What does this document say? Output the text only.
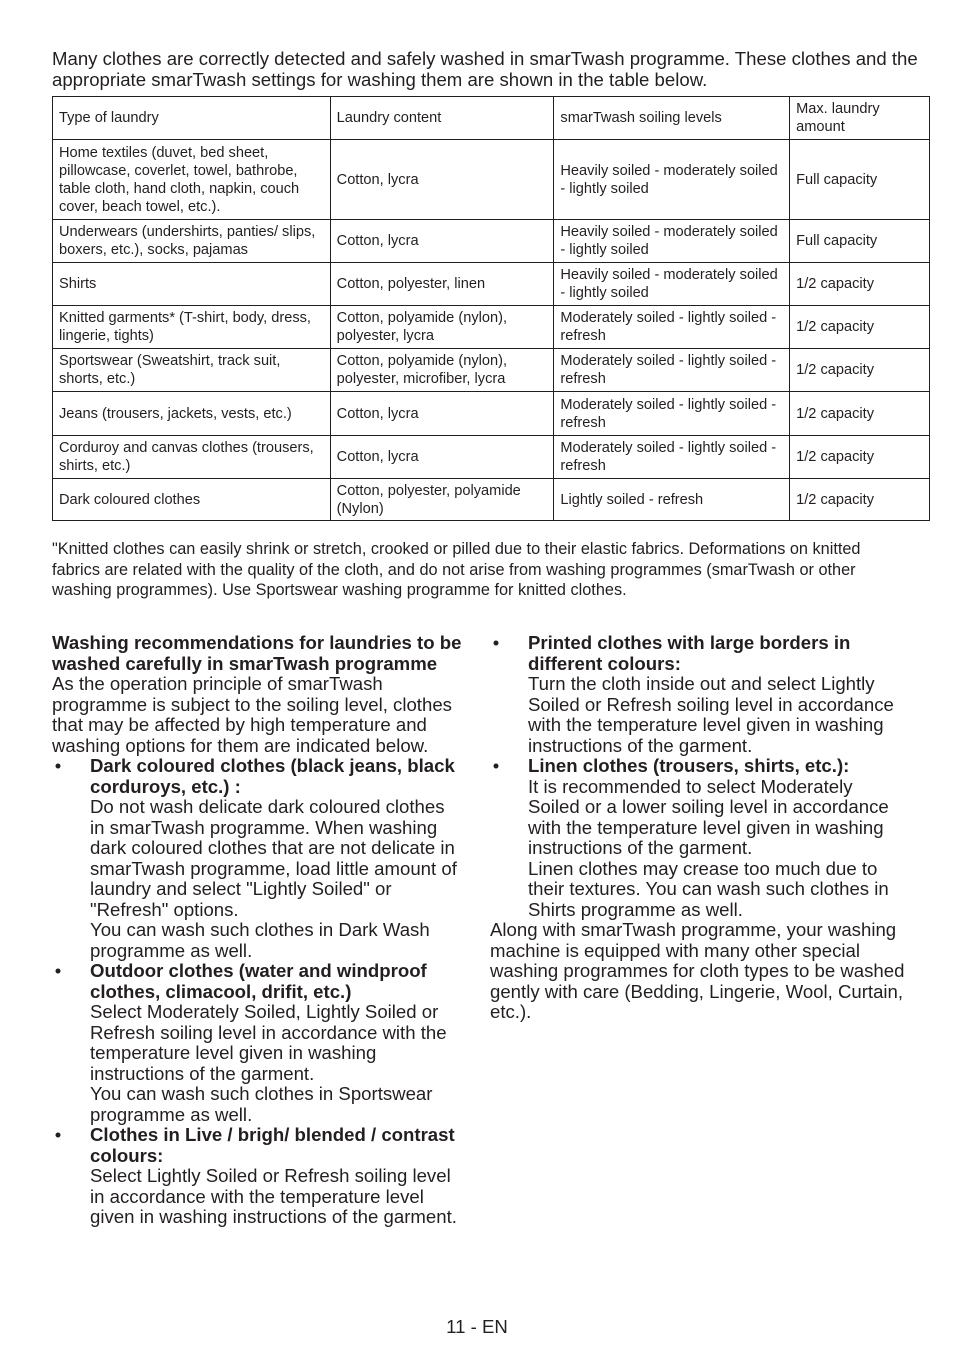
Many clothes are correctly detected and safely washed in smarTwash programme. These clothes and the appropriate smarTwash settings for washing them are shown in the table below.
Type of laundry	Laundry content	smarTwash soiling levels	Max. laundry amount
Home textiles (duvet, bed sheet, pillowcase, coverlet, towel, bathrobe, table cloth, hand cloth, napkin, couch cover, beach towel, etc.).	Cotton, lycra	Heavily soiled - moderately soiled - lightly soiled	Full capacity
Underwears (undershirts, panties/ slips, boxers, etc.), socks, pajamas	Cotton, lycra	Heavily soiled - moderately soiled - lightly soiled	Full capacity
Shirts	Cotton, polyester, linen	Heavily soiled - moderately soiled - lightly soiled	1/2 capacity
Knitted garments* (T-shirt, body, dress, lingerie, tights)	Cotton, polyamide (nylon), polyester, lycra	Moderately soiled - lightly soiled - refresh	1/2 capacity
Sportswear (Sweatshirt, track suit, shorts, etc.)	Cotton, polyamide (nylon), polyester, microfiber, lycra	Moderately soiled - lightly soiled - refresh	1/2 capacity
Jeans (trousers, jackets, vests, etc.)	Cotton, lycra	Moderately soiled - lightly soiled - refresh	1/2 capacity
Corduroy and canvas clothes (trousers, shirts, etc.)	Cotton, lycra	Moderately soiled - lightly soiled - refresh	1/2 capacity
Dark coloured clothes	Cotton, polyester, polyamide (Nylon)	Lightly soiled - refresh	1/2 capacity
"Knitted clothes can easily shrink or stretch, crooked or pilled due to their elastic fabrics. Deformations on knitted fabrics are related with the quality of the cloth, and do not arise from washing programmes (smarTwash or other washing programmes). Use Sportswear washing programme for knitted clothes.
Washing recommendations for laundries to be washed carefully in smarTwash programme
As the operation principle of smarTwash programme is subject to the soiling level, clothes that may be affected by high temperature and washing options for them are indicated below.
• Dark coloured clothes (black jeans, black corduroys, etc.) :
Do not wash delicate dark coloured clothes in smarTwash programme. When washing dark coloured clothes that are not delicate in smarTwash programme, load little amount of laundry and select "Lightly Soiled" or "Refresh" options.
You can wash such clothes in Dark Wash programme as well.
• Outdoor clothes (water and windproof clothes, climacool, drifit, etc.)
Select Moderately Soiled, Lightly Soiled or Refresh soiling level in accordance with the temperature level given in washing instructions of the garment.
You can wash such clothes in Sportswear programme as well.
• Clothes in Live / brigh/ blended / contrast colours:
Select Lightly Soiled or Refresh soiling level in accordance with the temperature level given in washing instructions of the garment.
• Printed clothes with large borders in different colours:
Turn the cloth inside out and select Lightly Soiled or Refresh soiling level in accordance with the temperature level given in washing instructions of the garment.
• Linen clothes (trousers, shirts, etc.):
It is recommended to select Moderately Soiled or a lower soiling level in accordance with the temperature level given in washing instructions of the garment.
Linen clothes may crease too much due to their textures. You can wash such clothes in Shirts programme as well.
Along with smarTwash programme, your washing machine is equipped with many other special washing programmes for cloth types to be washed gently with care (Bedding, Lingerie, Wool, Curtain, etc.).
11 - EN
